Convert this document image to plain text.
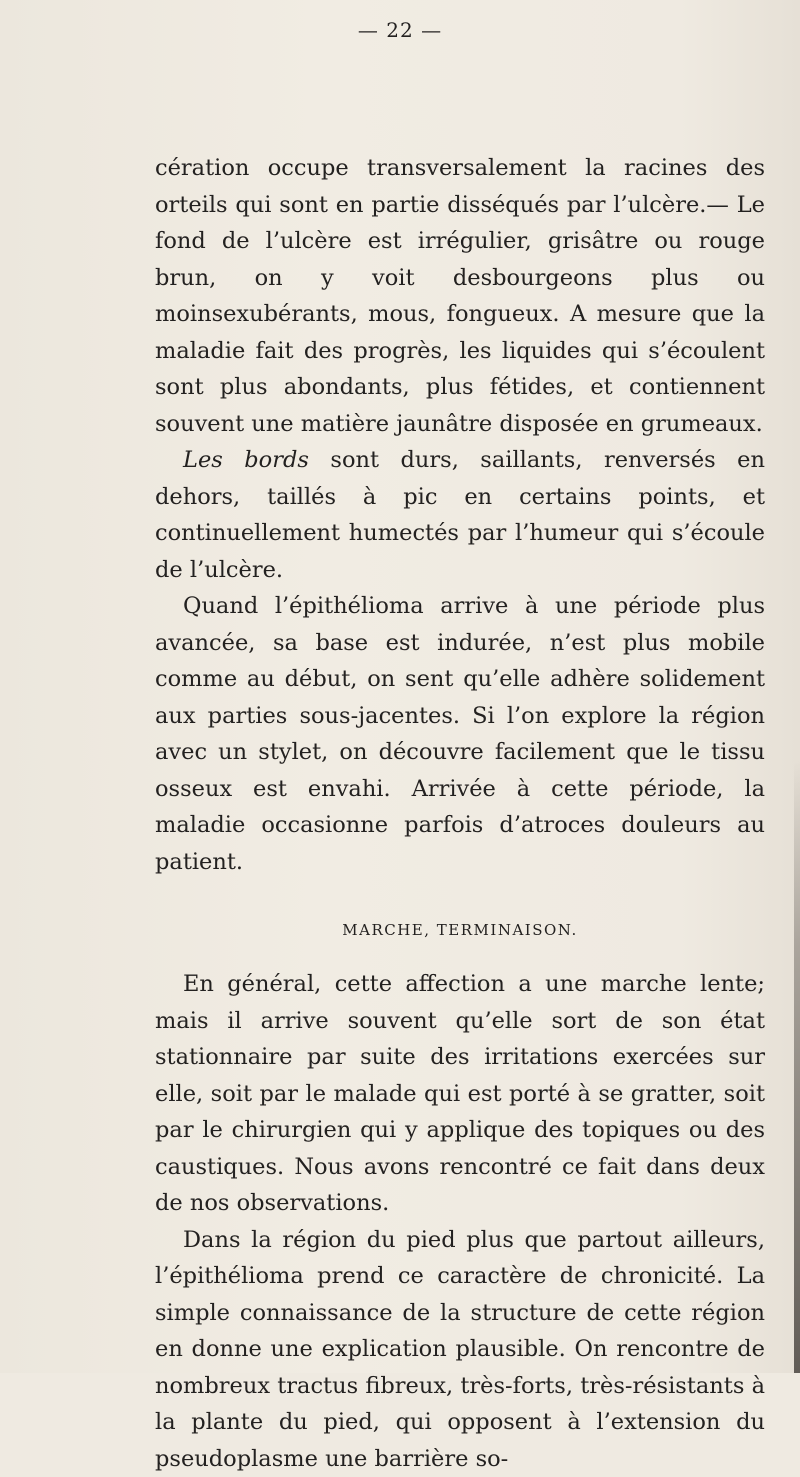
— 22 —

cération occupe transversalement la racines des orteils qui sont en partie disséqués par l’ulcère.— Le fond de l’ulcère est irrégulier, grisâtre ou rouge brun, on y voit desbourgeons plus ou moinsexubérants, mous, fongueux. A mesure que la maladie fait des progrès, les liquides qui s’écoulent sont plus abondants, plus fétides, et contiennent souvent une matière jaunâtre disposée en grumeaux.

Les bords sont durs, saillants, renversés en dehors, taillés à pic en certains points, et continuellement humectés par l’humeur qui s’écoule de l’ulcère.

Quand l’épithélioma arrive à une période plus avancée, sa base est indurée, n’est plus mobile comme au début, on sent qu’elle adhère solidement aux parties sous-jacentes. Si l’on explore la région avec un stylet, on découvre facilement que le tissu osseux est envahi. Arrivée à cette période, la maladie occasionne parfois d’atroces douleurs au patient.

MARCHE, TERMINAISON.

En général, cette affection a une marche lente; mais il arrive souvent qu’elle sort de son état stationnaire par suite des irritations exercées sur elle, soit par le malade qui est porté à se gratter, soit par le chirurgien qui y applique des topiques ou des caustiques. Nous avons rencontré ce fait dans deux de nos observations.

Dans la région du pied plus que partout ailleurs, l’épithélioma prend ce caractère de chronicité. La simple connaissance de la structure de cette région en donne une explication plausible. On rencontre de nombreux tractus fibreux, très-forts, très-résistants à la plante du pied, qui opposent à l’extension du pseudoplasme une barrière so-
